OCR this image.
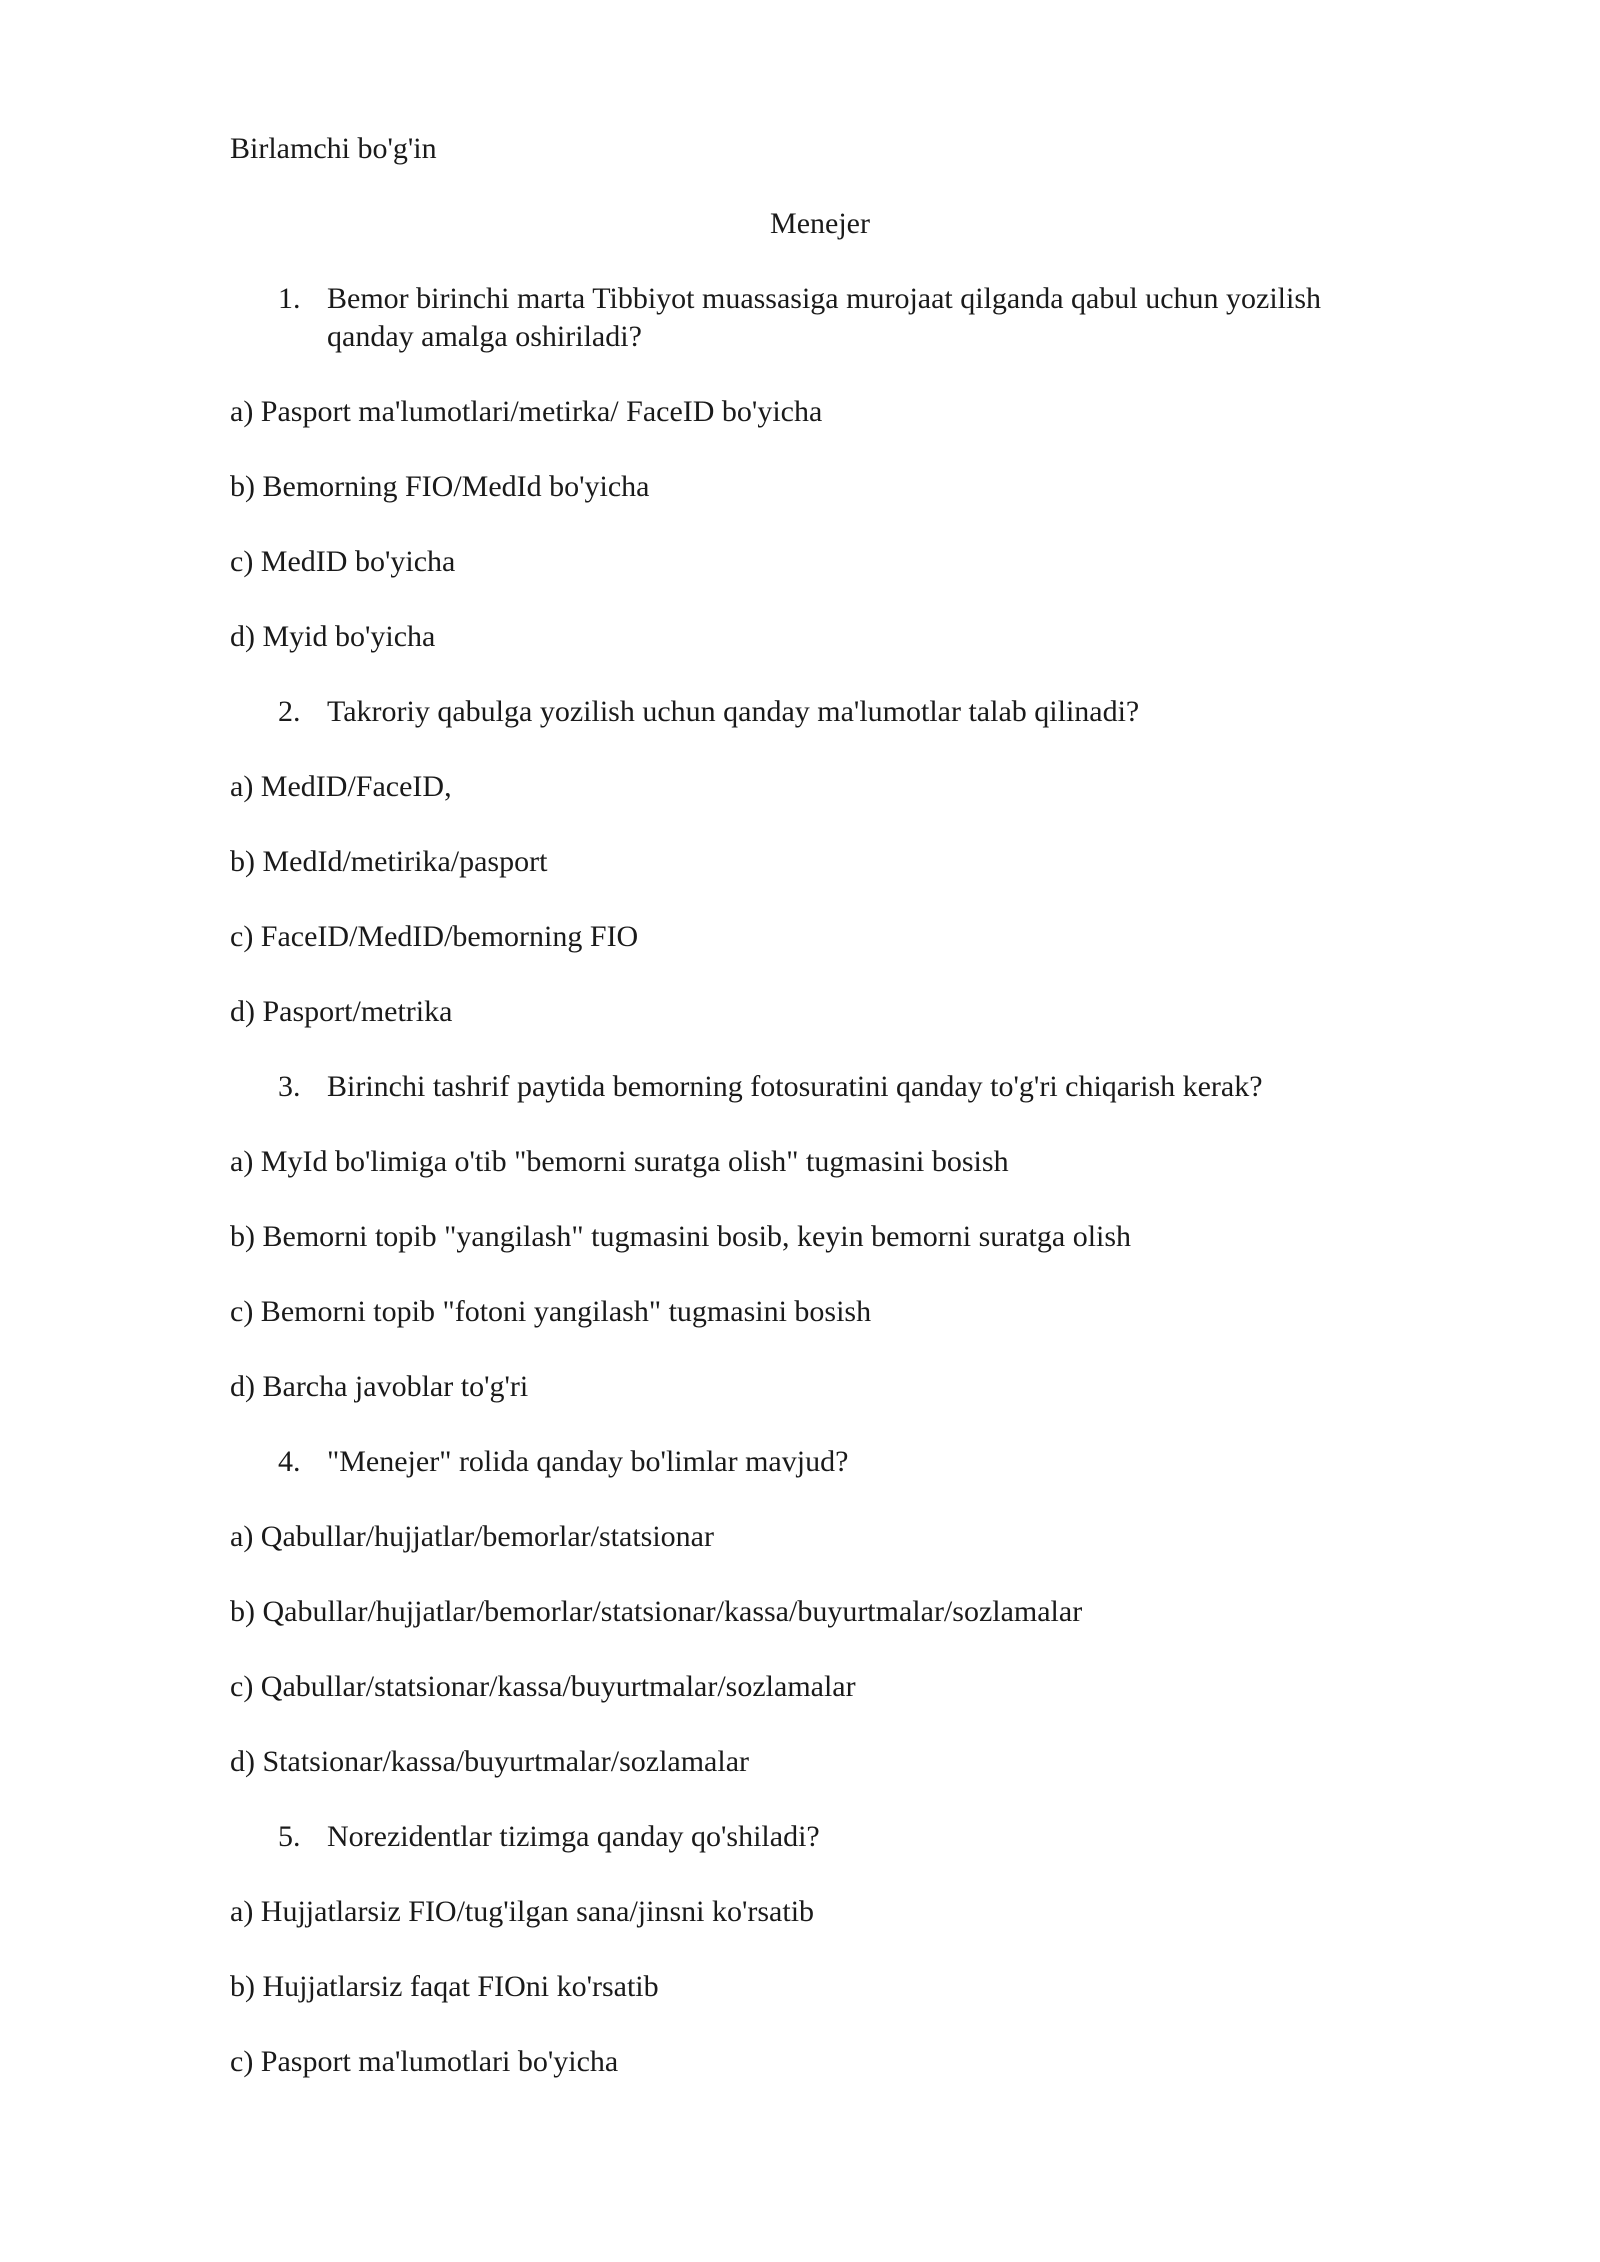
Birlamchi bo'g'in
Menejer
1. Bemor birinchi marta Tibbiyot muassasiga murojaat qilganda qabul uchun yozilish qanday amalga oshiriladi?
a) Pasport ma'lumotlari/metirka/ FaceID bo'yicha
b) Bemorning FIO/MedId bo'yicha
c) MedID bo'yicha
d) Myid bo'yicha
2. Takroriy qabulga yozilish uchun qanday ma'lumotlar talab qilinadi?
a) MedID/FaceID,
b) MedId/metirіka/pasport
c) FaceID/MedID/bemorning FIO
d) Pasport/metrika
3. Birinchi tashrif paytida bemorning fotosuratini qanday to'g'ri chiqarish kerak?
a) MyId bo'limiga o'tib "bemorni suratga olish" tugmasini bosish
b) Bemorni topib "yangilash" tugmasini bosib, keyin bemorni suratga olish
c) Bemorni topib "fotoni yangilash" tugmasini bosish
d) Barcha javoblar to'g'ri
4. "Menejer" rolida qanday bo'limlar mavjud?
a) Qabullar/hujjatlar/bemorlar/statsionar
b) Qabullar/hujjatlar/bemorlar/statsionar/kassa/buyurtmalar/sozlamalar
c) Qabullar/statsionar/kassa/buyurtmalar/sozlamalar
d) Statsionar/kassa/buyurtmalar/sozlamalar
5. Norezidentlar tizimga qanday qo'shiladi?
a) Hujjatlarsiz FIO/tug'ilgan sana/jinsni ko'rsatib
b) Hujjatlarsiz faqat FIOni ko'rsatib
c) Pasport ma'lumotlari bo'yicha
